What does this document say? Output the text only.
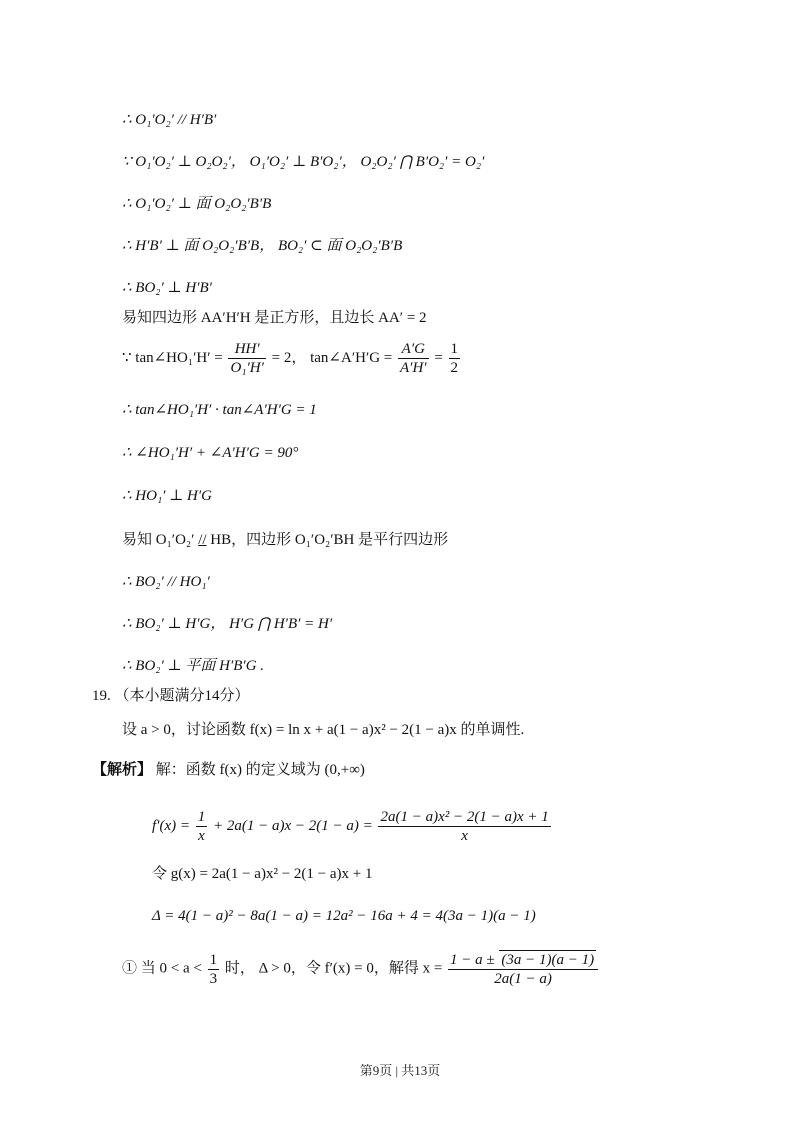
∴ O₁′O₂′ // H′B′
∵ O₁′O₂′ ⊥ O₂O₂′， O₁′O₂′ ⊥ B′O₂′， O₂O₂′ ⋂ B′O₂′ = O₂′
∴ O₁′O₂′ ⊥ 面 O₂O₂′B′B
∴ H′B′ ⊥ 面 O₂O₂′B′B， BO₂′ ⊂ 面 O₂O₂′B′B
∴ BO₂′ ⊥ H′B′
易知四边形 AA′H′H 是正方形，且边长 AA′ = 2
∵ tan∠HO₁′H′ = $\frac{HH'}{\text{O₁′H′}} = 2$， tan∠A′H′G = $\frac{A'G}{A'H'} = \frac{1}{2}$
∴ tan∠HO₁′H′ · tan∠A′H′G = 1
∴ ∠HO₁′H′ + ∠A′H′G = 90°
∴ HO₁′ ⊥ H′G
易知 O₁′O₂′ // HB，四边形 O₁′O₂′BH 是平行四边形
∴ BO₂′ // HO₁′
∴ BO₂′ ⊥ H′G， H′G ⋂ H′B′ = H′
∴ BO₂′ ⊥ 平面 H′B′G .
19. （本小题满分14分）
设 a > 0，讨论函数 f(x) = ln x + a(1 − a)x² − 2(1 − a)x 的单调性.
【解析】 解：函数 f(x) 的定义域为 (0,+∞)
$f'(x) = \frac{1}{x} + 2a(1 - a)x - 2(1 - a) = \frac{\text{2a(1 − a)x² − 2(1 − a)x + 1}}{x}$
令 g(x) = 2a(1 − a)x² − 2(1 − a)x + 1
Δ = 4(1 − a)² − 8a(1 − a) = 12a² − 16a + 4 = 4(3a − 1)(a − 1)
① 当 $0 < a < \frac{1}{3}$ 时， Δ > 0，令 f′(x) = 0，解得 $x = \frac{1 - a \pm (3a - 1)(a - 1)}{2a(1 - a)}$
第9页 | 共13页
